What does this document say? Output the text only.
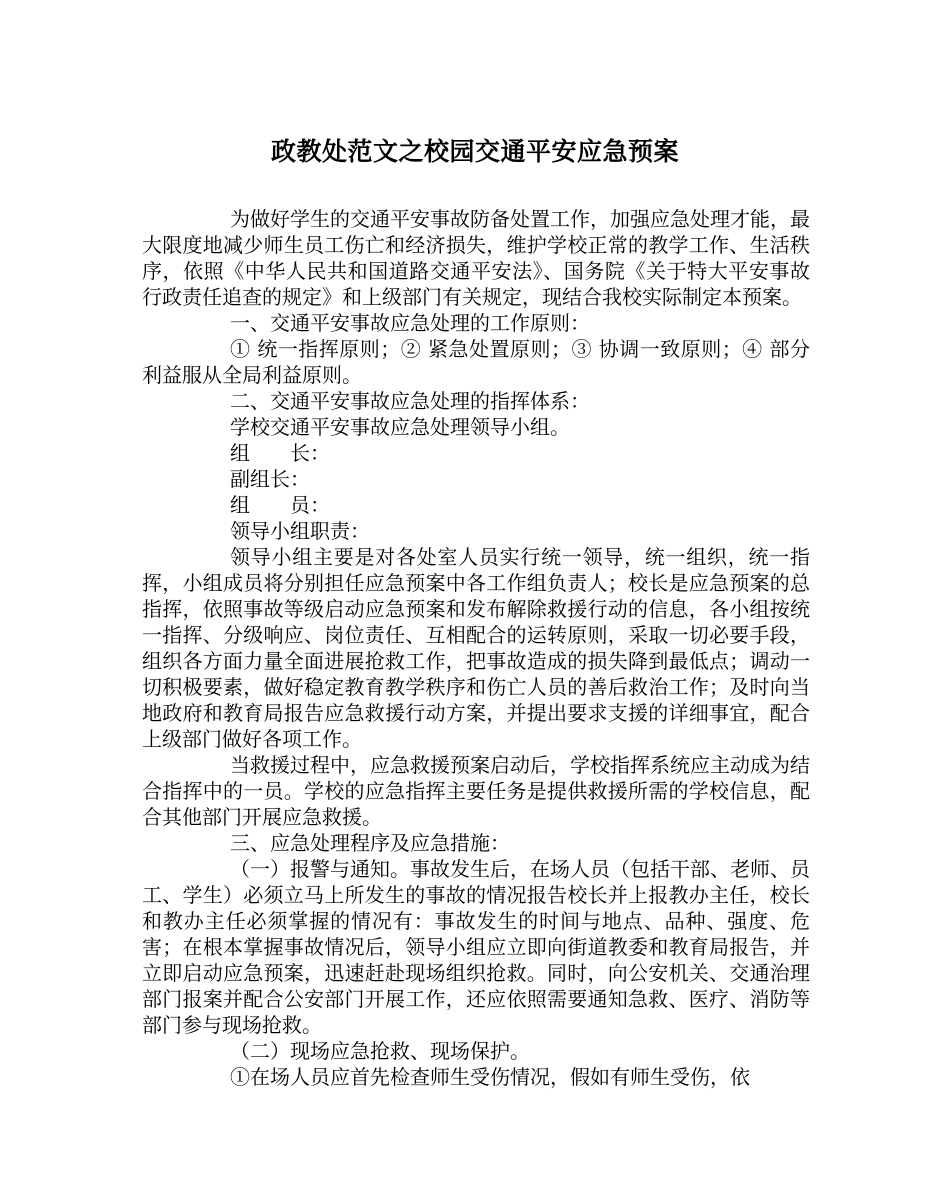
政教处范文之校园交通平安应急预案

为做好学生的交通平安事故防备处置工作，加强应急处理才能，最大限度地减少师生员工伤亡和经济损失，维护学校正常的教学工作、生活秩序，依照《中华人民共和国道路交通平安法》、国务院《关于特大平安事故行政责任追查的规定》和上级部门有关规定，现结合我校实际制定本预案。

一、交通平安事故应急处理的工作原则：

① 统一指挥原则；② 紧急处置原则；③ 协调一致原则；④ 部分利益服从全局利益原则。

二、交通平安事故应急处理的指挥体系：

学校交通平安事故应急处理领导小组。

组　　长：

副组长：

组　　员：

领导小组职责：

领导小组主要是对各处室人员实行统一领导，统一组织，统一指挥，小组成员将分别担任应急预案中各工作组负责人；校长是应急预案的总指挥，依照事故等级启动应急预案和发布解除救援行动的信息，各小组按统一指挥、分级响应、岗位责任、互相配合的运转原则，采取一切必要手段，组织各方面力量全面进展抢救工作，把事故造成的损失降到最低点；调动一切积极要素，做好稳定教育教学秩序和伤亡人员的善后救治工作；及时向当地政府和教育局报告应急救援行动方案，并提出要求支援的详细事宜，配合上级部门做好各项工作。

当救援过程中，应急救援预案启动后，学校指挥系统应主动成为结合指挥中的一员。学校的应急指挥主要任务是提供救援所需的学校信息，配合其他部门开展应急救援。

三、应急处理程序及应急措施：

（一）报警与通知。事故发生后，在场人员（包括干部、老师、员工、学生）必须立马上所发生的事故的情况报告校长并上报教办主任，校长和教办主任必须掌握的情况有：事故发生的时间与地点、品种、强度、危害；在根本掌握事故情况后，领导小组应立即向街道教委和教育局报告，并立即启动应急预案，迅速赶赴现场组织抢救。同时，向公安机关、交通治理部门报案并配合公安部门开展工作，还应依照需要通知急救、医疗、消防等部门参与现场抢救。

（二）现场应急抢救、现场保护。

①在场人员应首先检查师生受伤情况，假如有师生受伤，依
